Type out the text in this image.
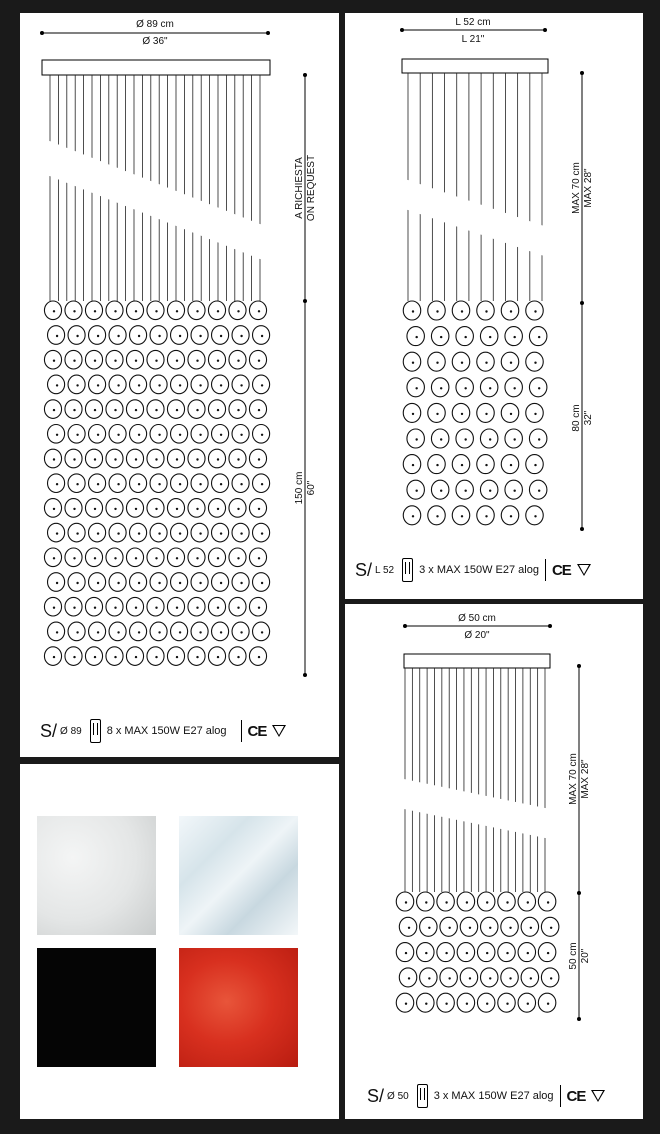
Ø 89 cm
Ø 36"
A RICHIESTA ON REQUEST
150 cm 60"
S/ Ø 89 8 x MAX 150W E27 alog CE
L 52 cm
L 21"
MAX 70 cm MAX 28"
80 cm 32"
S/ L 52 3 x MAX 150W E27 alog CE
Ø 50 cm
Ø 20"
MAX 70 cm MAX 28"
50 cm 20"
S/ Ø 50 3 x MAX 150W E27 alog CE
